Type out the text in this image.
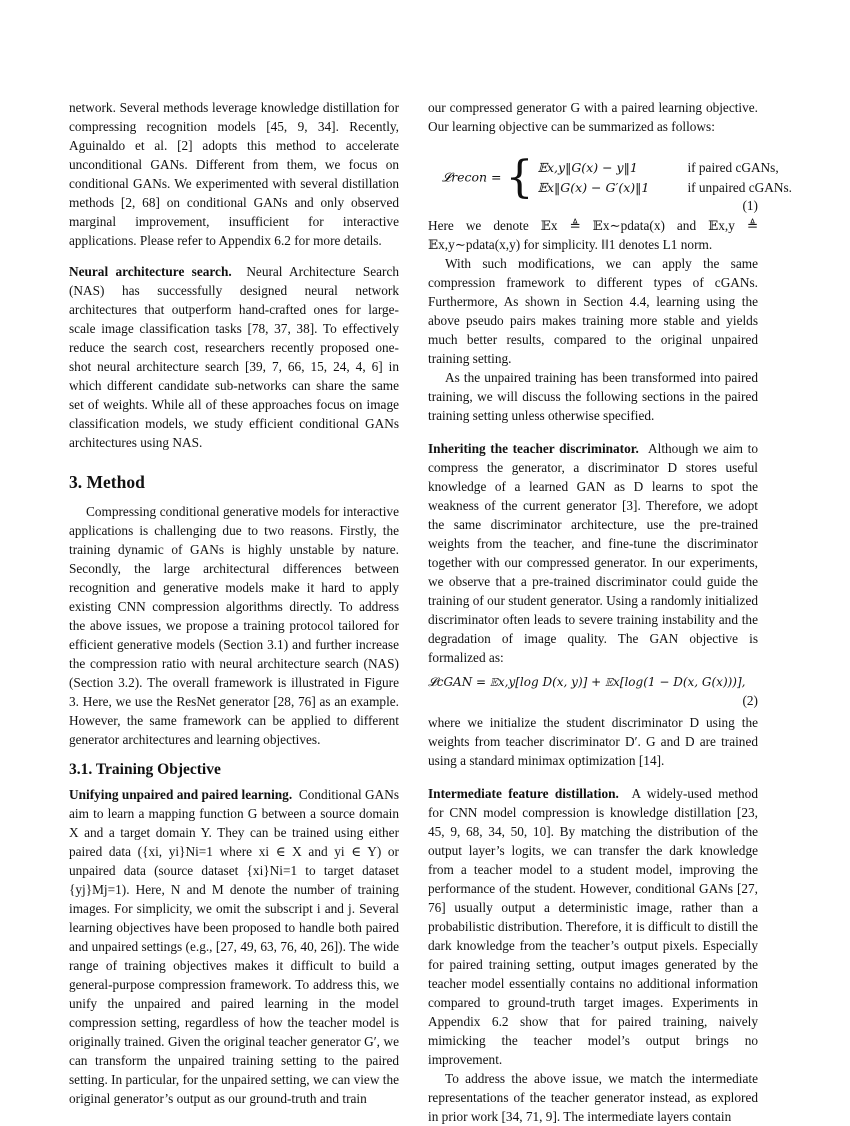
network. Several methods leverage knowledge distillation for compressing recognition models [45, 9, 34]. Recently, Aguinaldo et al. [2] adopts this method to accelerate unconditional GANs. Different from them, we focus on conditional GANs. We experimented with several distillation methods [2, 68] on conditional GANs and only observed marginal improvement, insufficient for interactive applications. Please refer to Appendix 6.2 for more details.

Neural architecture search. Neural Architecture Search (NAS) has successfully designed neural network architectures that outperform hand-crafted ones for large-scale image classification tasks [78, 37, 38]. To effectively reduce the search cost, researchers recently proposed one-shot neural architecture search [39, 7, 66, 15, 24, 4, 6] in which different candidate sub-networks can share the same set of weights. While all of these approaches focus on image classification models, we study efficient conditional GANs architectures using NAS.

3. Method

Compressing conditional generative models for interactive applications is challenging due to two reasons. Firstly, the training dynamic of GANs is highly unstable by nature. Secondly, the large architectural differences between recognition and generative models make it hard to apply existing CNN compression algorithms directly. To address the above issues, we propose a training protocol tailored for efficient generative models (Section 3.1) and further increase the compression ratio with neural architecture search (NAS) (Section 3.2). The overall framework is illustrated in Figure 3. Here, we use the ResNet generator [28, 76] as an example. However, the same framework can be applied to different generator architectures and learning objectives.

3.1. Training Objective

Unifying unpaired and paired learning. Conditional GANs aim to learn a mapping function G between a source domain X and a target domain Y. They can be trained using either paired data ({xi, yi}Ni=1 where xi ∈ X and yi ∈ Y) or unpaired data (source dataset {xi}Ni=1 to target dataset {yj}Mj=1). Here, N and M denote the number of training images. For simplicity, we omit the subscript i and j. Several learning objectives have been proposed to handle both paired and unpaired settings (e.g., [27, 49, 63, 76, 40, 26]). The wide range of training objectives makes it difficult to build a general-purpose compression framework. To address this, we unify the unpaired and paired learning in the model compression setting, regardless of how the teacher model is originally trained. Given the original teacher generator G′, we can transform the unpaired training setting to the paired setting. In particular, for the unpaired setting, we can view the original generator’s output as our ground-truth and train

our compressed generator G with a paired learning objective. Our learning objective can be summarized as follows:

𝓛recon = { 𝔼x,y‖G(x) − y‖1	if paired cGANs,
𝔼x‖G(x) − G′(x)‖1	if unpaired cGANs.
(1)

Here we denote 𝔼x ≜ 𝔼x∼pdata(x) and 𝔼x,y ≜ 𝔼x,y∼pdata(x,y) for simplicity. ‖‖1 denotes L1 norm.

With such modifications, we can apply the same compression framework to different types of cGANs. Furthermore, As shown in Section 4.4, learning using the above pseudo pairs makes training more stable and yields much better results, compared to the original unpaired training setting.

As the unpaired training has been transformed into paired training, we will discuss the following sections in the paired training setting unless otherwise specified.

Inheriting the teacher discriminator. Although we aim to compress the generator, a discriminator D stores useful knowledge of a learned GAN as D learns to spot the weakness of the current generator [3]. Therefore, we adopt the same discriminator architecture, use the pre-trained weights from the teacher, and fine-tune the discriminator together with our compressed generator. In our experiments, we observe that a pre-trained discriminator could guide the training of our student generator. Using a randomly initialized discriminator often leads to severe training instability and the degradation of image quality. The GAN objective is formalized as:

𝓛cGAN = 𝔼x,y[log D(x, y)] + 𝔼x[log(1 − D(x, G(x)))],
(2)

where we initialize the student discriminator D using the weights from teacher discriminator D′. G and D are trained using a standard minimax optimization [14].

Intermediate feature distillation. A widely-used method for CNN model compression is knowledge distillation [23, 45, 9, 68, 34, 50, 10]. By matching the distribution of the output layer’s logits, we can transfer the dark knowledge from a teacher model to a student model, improving the performance of the student. However, conditional GANs [27, 76] usually output a deterministic image, rather than a probabilistic distribution. Therefore, it is difficult to distill the dark knowledge from the teacher’s output pixels. Especially for paired training setting, output images generated by the teacher model essentially contains no additional information compared to ground-truth target images. Experiments in Appendix 6.2 show that for paired training, naively mimicking the teacher model’s output brings no improvement.

To address the above issue, we match the intermediate representations of the teacher generator instead, as explored in prior work [34, 71, 9]. The intermediate layers contain
